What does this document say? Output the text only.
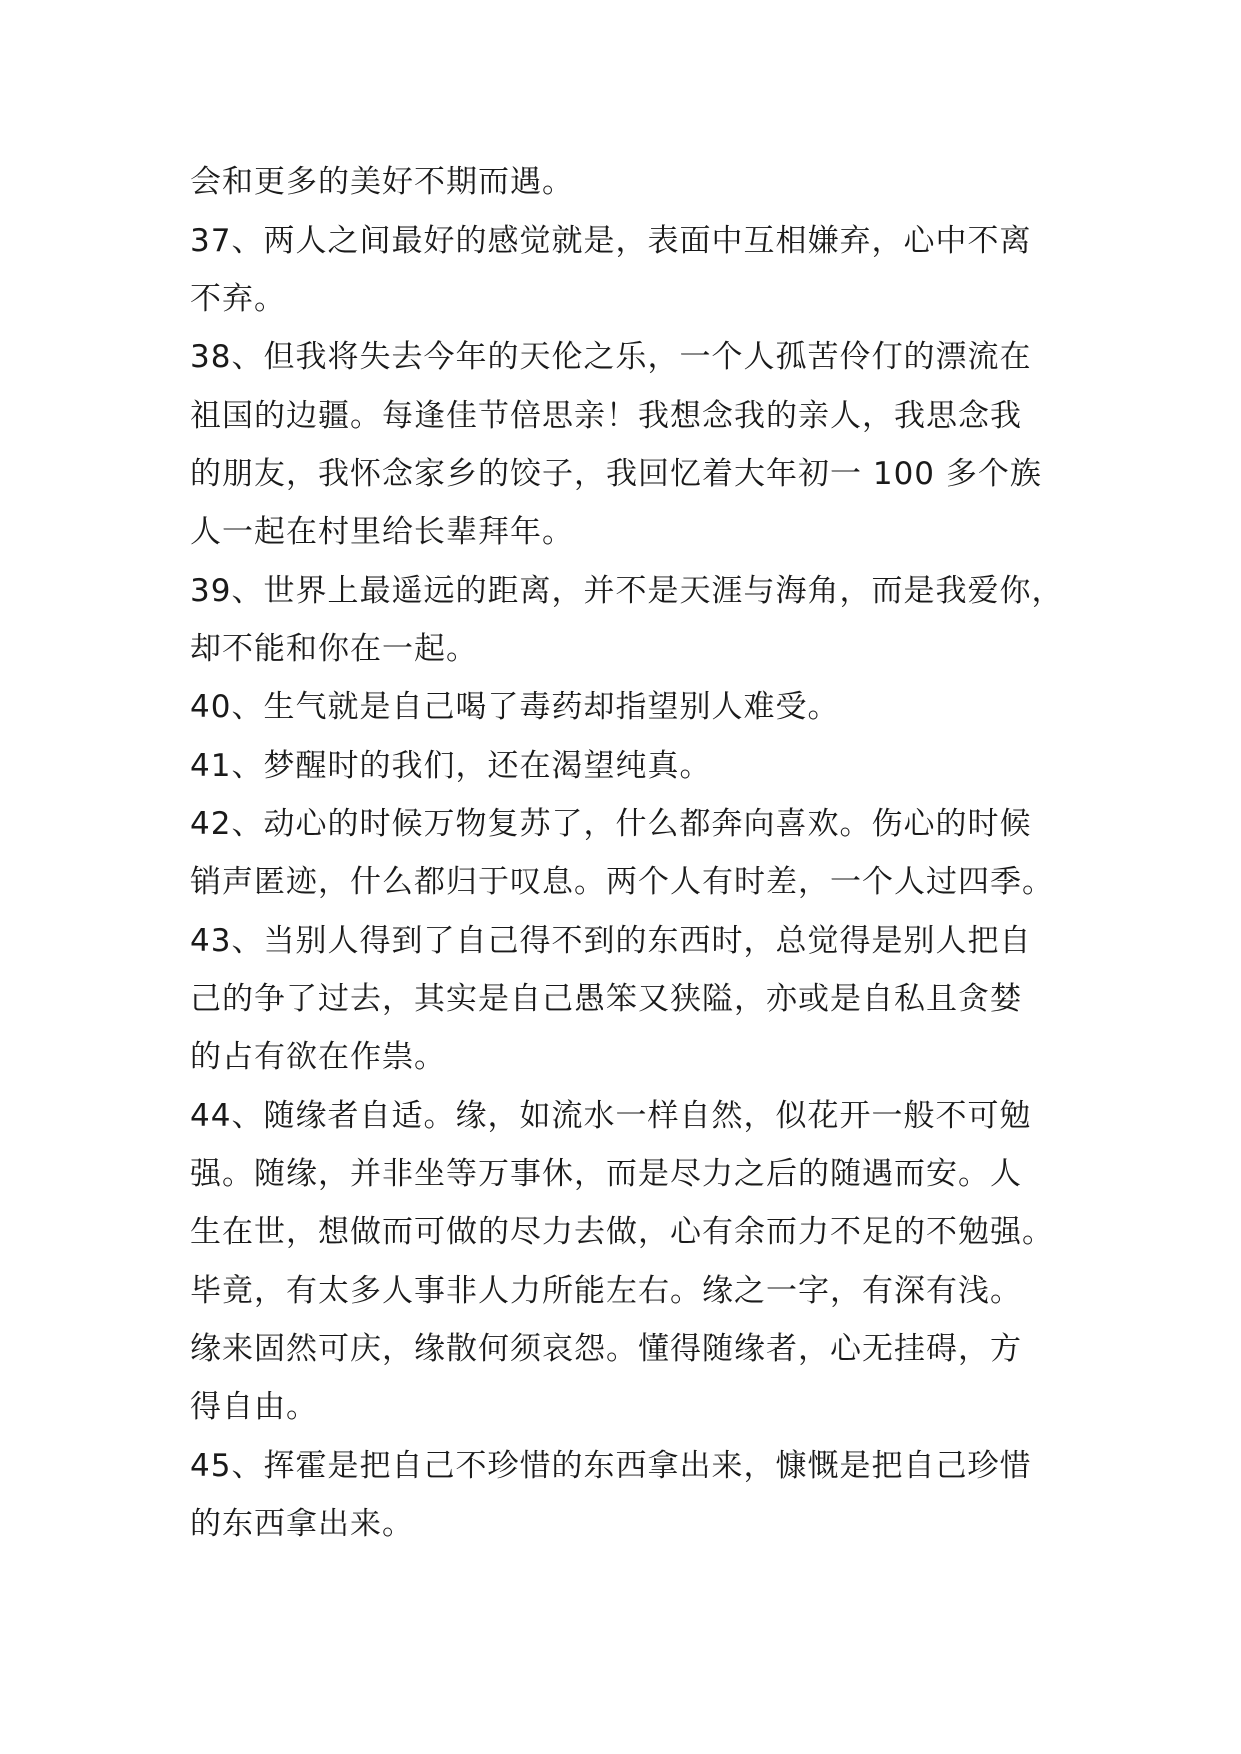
会和更多的美好不期而遇。
37、两人之间最好的感觉就是，表面中互相嫌弃，心中不离
不弃。
38、但我将失去今年的天伦之乐，一个人孤苦伶仃的漂流在
祖国的边疆。每逢佳节倍思亲！我想念我的亲人，我思念我
的朋友，我怀念家乡的饺子，我回忆着大年初一 100 多个族
人一起在村里给长辈拜年。
39、世界上最遥远的距离，并不是天涯与海角，而是我爱你，
却不能和你在一起。
40、生气就是自己喝了毒药却指望别人难受。
41、梦醒时的我们，还在渴望纯真。
42、动心的时候万物复苏了，什么都奔向喜欢。伤心的时候
销声匿迹，什么都归于叹息。两个人有时差，一个人过四季。
43、当别人得到了自己得不到的东西时，总觉得是别人把自
己的争了过去，其实是自己愚笨又狭隘，亦或是自私且贪婪
的占有欲在作祟。
44、随缘者自适。缘，如流水一样自然，似花开一般不可勉
强。随缘，并非坐等万事休，而是尽力之后的随遇而安。人
生在世，想做而可做的尽力去做，心有余而力不足的不勉强。
毕竟，有太多人事非人力所能左右。缘之一字，有深有浅。
缘来固然可庆，缘散何须哀怨。懂得随缘者，心无挂碍，方
得自由。
45、挥霍是把自己不珍惜的东西拿出来，慷慨是把自己珍惜
的东西拿出来。
